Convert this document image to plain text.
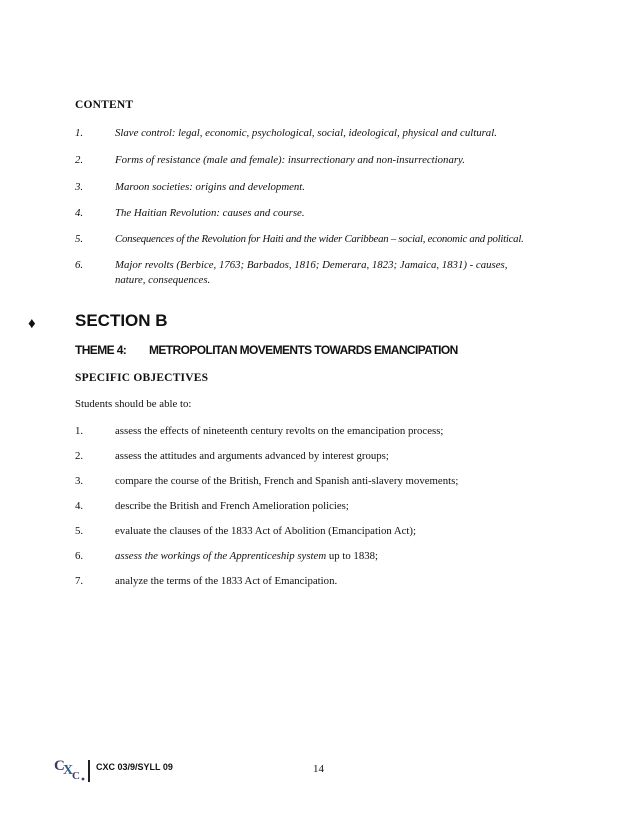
CONTENT
1.	Slave control: legal, economic, psychological, social, ideological, physical and cultural.
2.	Forms of resistance (male and female): insurrectionary and non-insurrectionary.
3.	Maroon societies: origins and development.
4.	The Haitian Revolution: causes and course.
5.	Consequences of the Revolution for Haiti and the wider Caribbean – social, economic and political.
6.	Major revolts (Berbice, 1763; Barbados, 1816; Demerara, 1823; Jamaica, 1831) - causes, nature, consequences.
♦ SECTION B
THEME 4: METROPOLITAN MOVEMENTS TOWARDS EMANCIPATION
SPECIFIC OBJECTIVES
Students should be able to:
1.	assess the effects of nineteenth century revolts on the emancipation process;
2.	assess the attitudes and arguments advanced by interest groups;
3.	compare the course of the British, French and Spanish anti-slavery movements;
4.	describe the British and French Amelioration policies;
5.	evaluate the clauses of the 1833 Act of Abolition (Emancipation Act);
6.	assess the workings of the Apprenticeship system up to 1838;
7.	analyze the terms of the 1833 Act of Emancipation.
C
X
C
CXC 03/9/SYLL 09	14
